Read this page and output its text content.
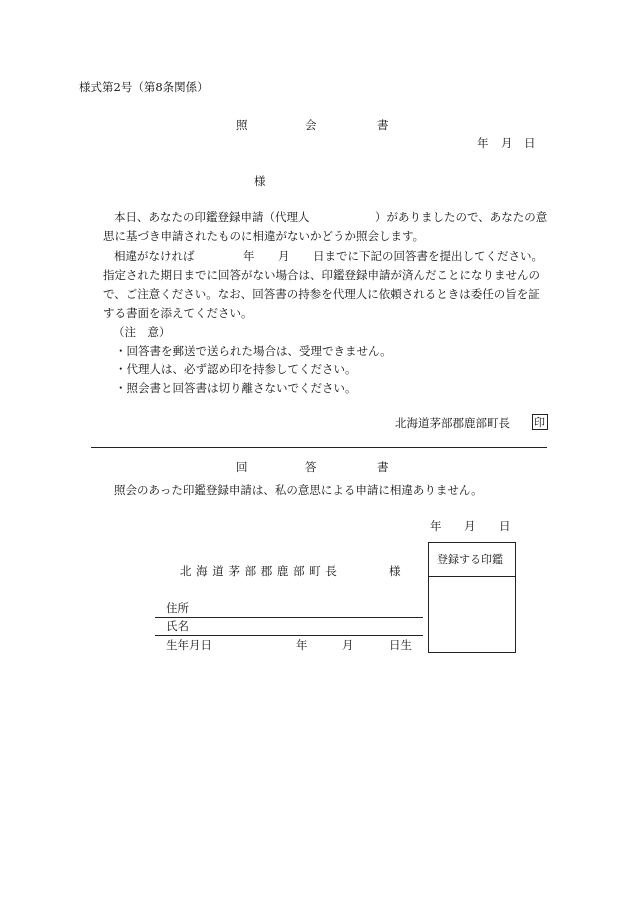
様式第2号（第8条関係）
照	会	書
年 月 日
様
本日、あなたの印鑑登録申請（代理人	）がありましたので、あなたの意
思に基づき申請されたものに相違がないかどうか照会します。
相違がなければ	年 月 日までに下記の回答書を提出してください。
指定された期日までに回答がない場合は、印鑑登録申請が済んだことになりませんの
で、ご注意ください。なお、回答書の持参を代理人に依頼されるときは委任の旨を証
する書面を添えてください。
（注　意）
・回答書を郵送で送られた場合は、受理できません。
・代理人は、必ず認め印を持参してください。
・照会書と回答書は切り離さないでください。
北海道茅部郡鹿部町長 印
回	答	書
照会のあった印鑑登録申請は、私の意思による申請に相違ありません。
年 月 日
北 海 道 茅 部 郡 鹿 部 町 長	様
住所
氏名
生年月日	年	月	日生
登録する印鑑
